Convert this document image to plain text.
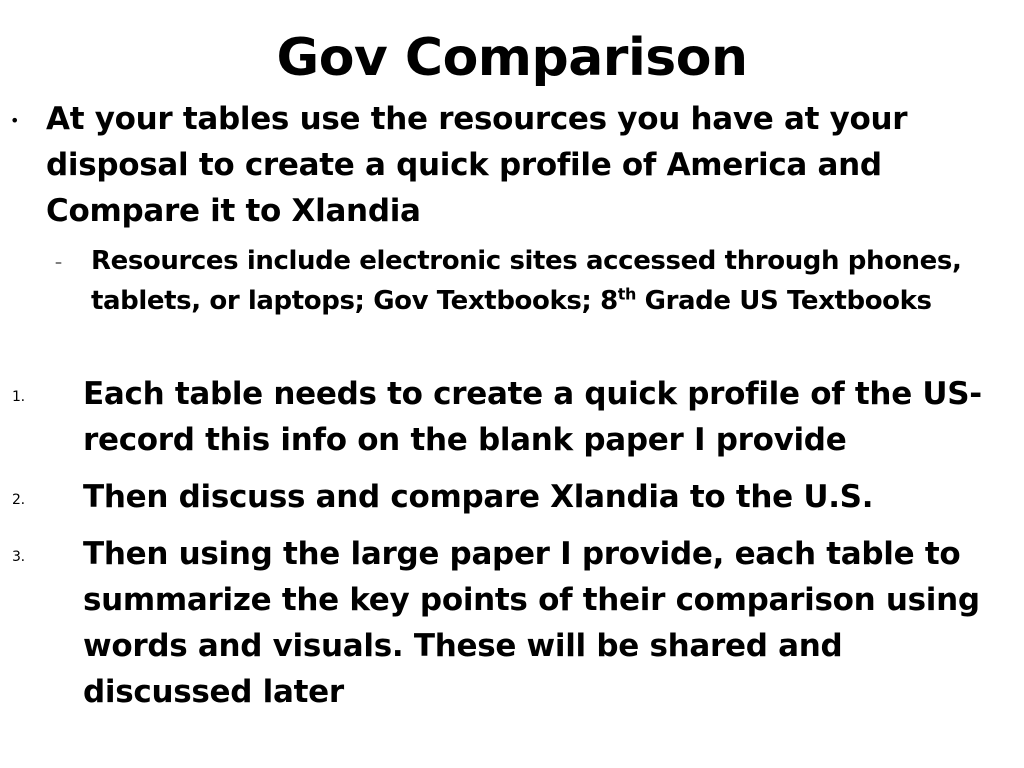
Gov Comparison
• At your tables use the resources you have at your disposal to create a quick profile of America and Compare it to Xlandia
– Resources include electronic sites accessed through phones, tablets, or laptops; Gov Textbooks; 8th Grade US Textbooks
1. Each table needs to create a quick profile of the US-record this info on the blank paper I provide
2. Then discuss and compare Xlandia to the U.S.
3. Then using the large paper I provide, each table to summarize the key points of their comparison using words and visuals. These will be shared and discussed later
